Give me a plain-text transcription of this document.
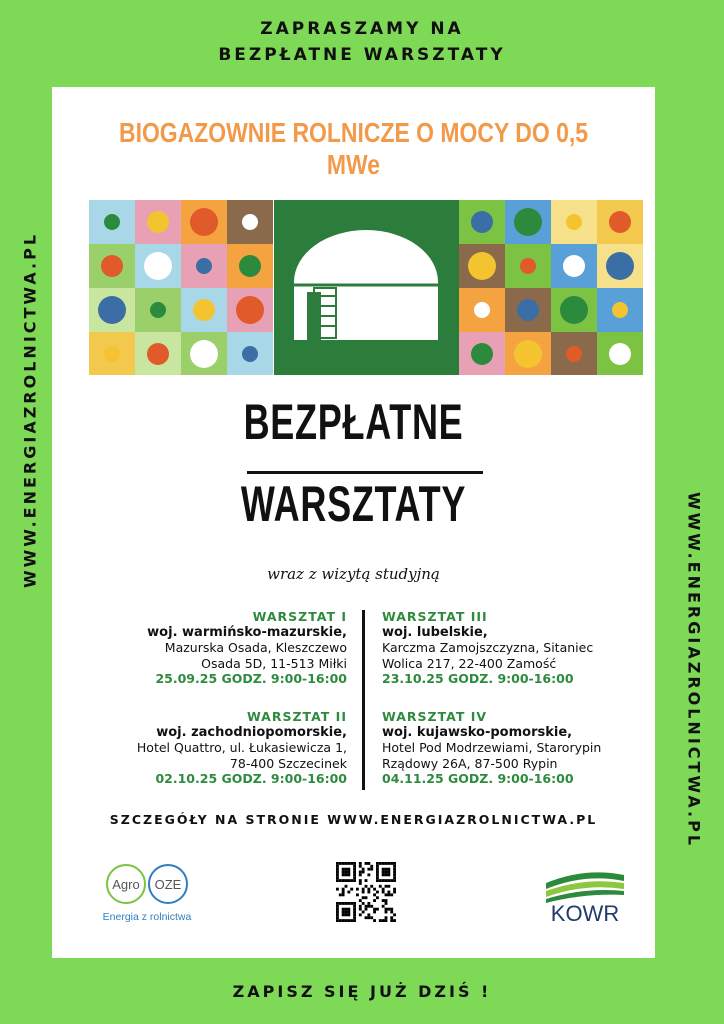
ZAPRASZAMY NA
BEZPŁATNE WARSZTATY
WWW.ENERGIAZROLNICTWA.PL
WWW.ENERGIAZROLNICTWA.PL
BIOGAZOWNIE ROLNICZE O MOCY DO 0,5 MWe
BEZPŁATNE
WARSZTATY
wraz z wizytą studyjną
WARSZTAT I
woj. warmińsko-mazurskie,
Mazurska Osada, Kleszczewo
Osada 5D, 11-513 Miłki
25.09.25 GODZ. 9:00-16:00
WARSZTAT II
woj. zachodniopomorskie,
Hotel Quattro, ul. Łukasiewicza 1,
78-400 Szczecinek
02.10.25 GODZ. 9:00-16:00
WARSZTAT III
woj. lubelskie,
Karczma Zamojszczyzna, Sitaniec
Wolica 217, 22-400 Zamość
23.10.25 GODZ. 9:00-16:00
WARSZTAT IV
woj. kujawsko-pomorskie,
Hotel Pod Modrzewiami, Starorypin
Rządowy 26A, 87-500 Rypin
04.11.25 GODZ. 9:00-16:00
SZCZEGÓŁY NA STRONIE WWW.ENERGIAZROLNICTWA.PL
Agro OZE
Energia z rolnictwa	KOWR
ZAPISZ SIĘ JUŻ DZIŚ !
